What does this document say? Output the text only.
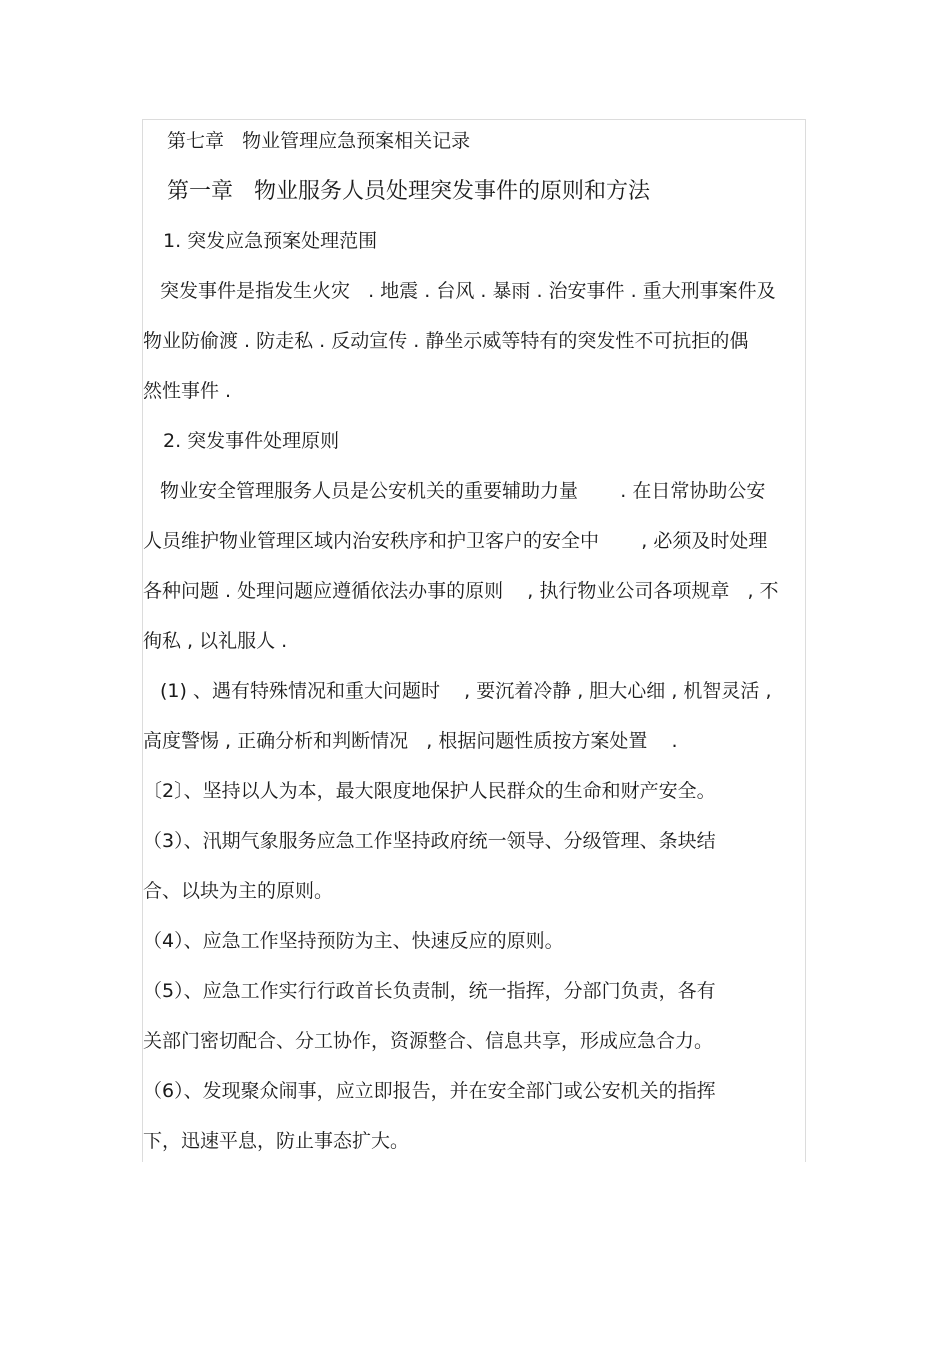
第七章   物业管理应急预案相关记录
第一章   物业服务人员处理突发事件的原则和方法
1. 突发应急预案处理范围
突发事件是指发生火灾   . 地震 . 台风 . 暴雨 . 治安事件 . 重大刑事案件及
物业防偷渡 . 防走私 . 反动宣传 . 静坐示威等特有的突发性不可抗拒的偶
然性事件 .
2. 突发事件处理原则
物业安全管理服务人员是公安机关的重要辅助力量       . 在日常协助公安
人员维护物业管理区域内治安秩序和护卫客户的安全中       , 必须及时处理
各种问题 . 处理问题应遵循依法办事的原则    , 执行物业公司各项规章   , 不
徇私 , 以礼服人 .
(1) 、遇有特殊情况和重大问题时    , 要沉着冷静 , 胆大心细 , 机智灵活 ,
高度警惕 , 正确分析和判断情况   , 根据问题性质按方案处置    .
〔2〕、坚持以人为本，最大限度地保护人民群众的生命和财产安全。
（3）、汛期气象服务应急工作坚持政府统一领导、分级管理、条块结
合、以块为主的原则。
（4）、应急工作坚持预防为主、快速反应的原则。
（5）、应急工作实行行政首长负责制，统一指挥，分部门负责，各有
关部门密切配合、分工协作，资源整合、信息共享，形成应急合力。
（6）、发现聚众闹事，应立即报告，并在安全部门或公安机关的指挥
下，迅速平息，防止事态扩大。
